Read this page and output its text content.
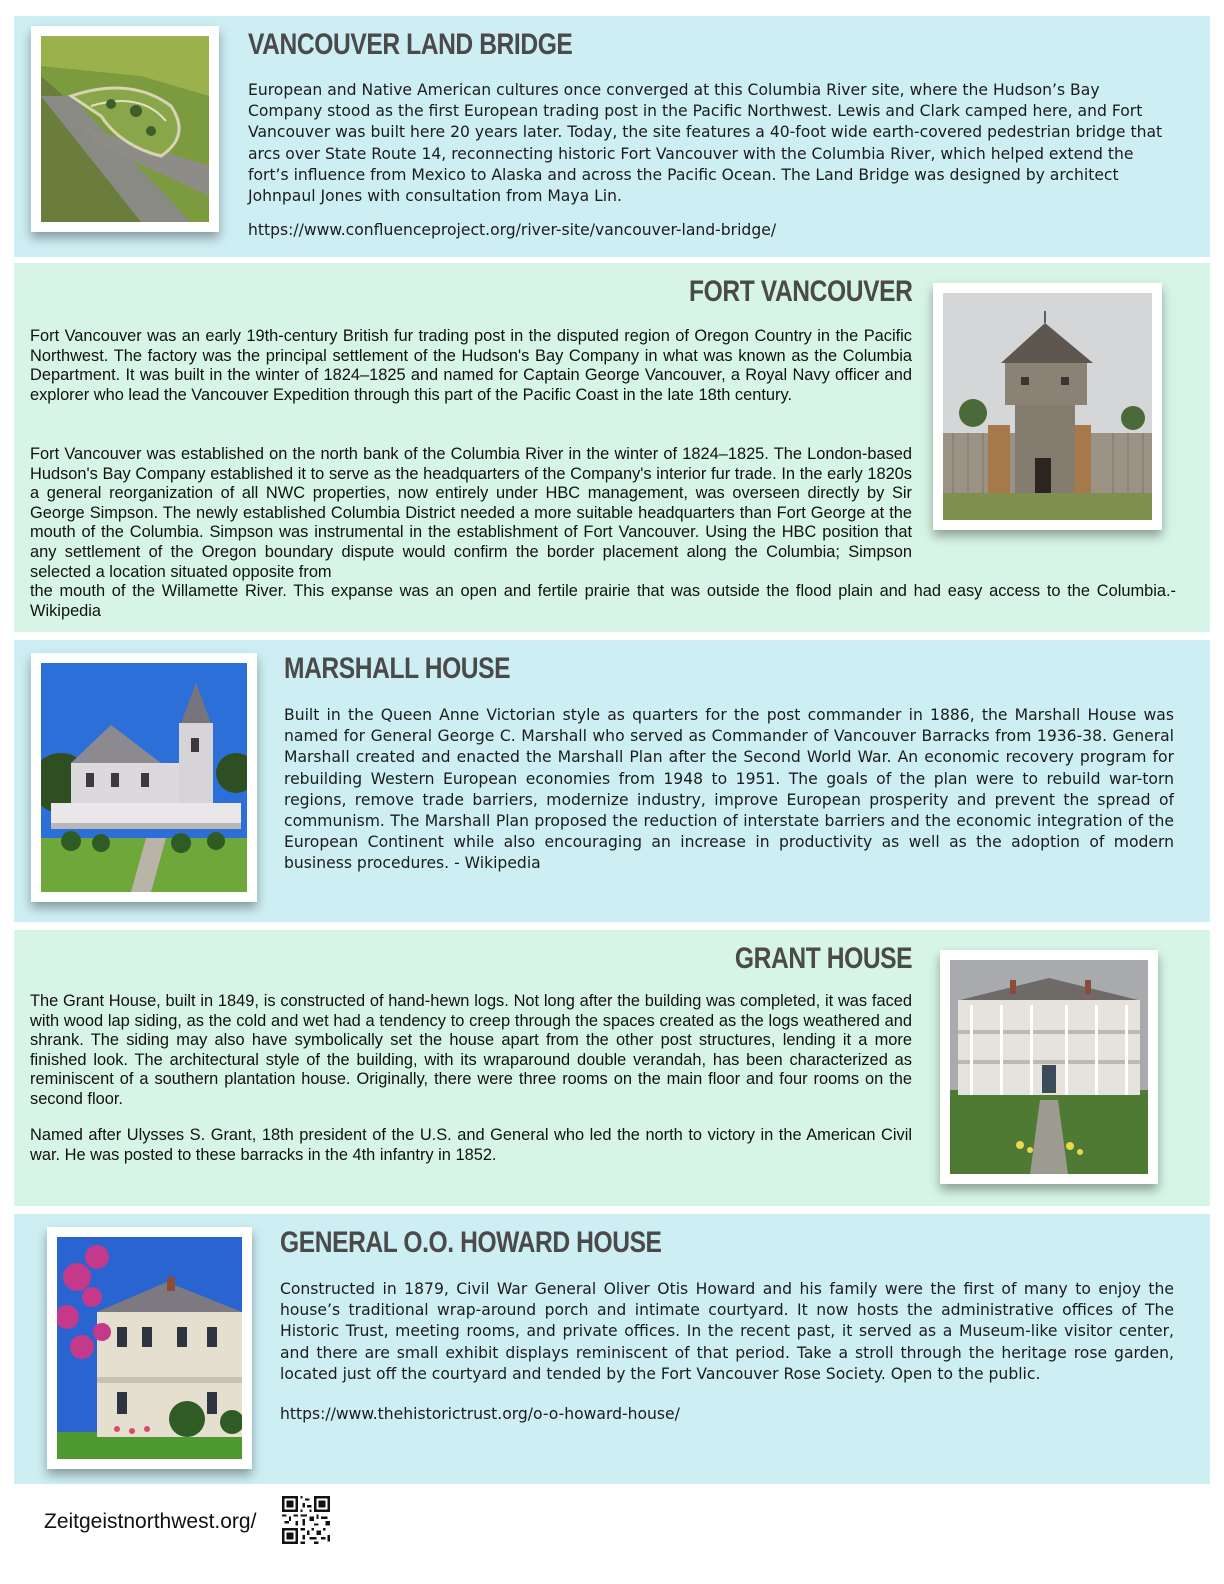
VANCOUVER LAND BRIDGE
European and Native American cultures once converged at this Columbia River site, where the Hudson’s Bay Company stood as the first European trading post in the Pacific Northwest. Lewis and Clark camped here, and Fort Vancouver was built here 20 years later. Today, the site features a 40-foot wide earth-covered pedestrian bridge that arcs over State Route 14, reconnecting historic Fort Vancouver with the Columbia River, which helped extend the fort’s influence from Mexico to Alaska and across the Pacific Ocean. The Land Bridge was designed by architect Johnpaul Jones with consultation from Maya Lin.
https://www.confluenceproject.org/river-site/vancouver-land-bridge/
FORT VANCOUVER
Fort Vancouver was an early 19th-century British fur trading post in the disputed region of Oregon Country in the Pacific Northwest. The factory was the principal settlement of the Hudson's Bay Company in what was known as the Columbia Department. It was built in the winter of 1824–1825 and named for Captain George Vancouver, a Royal Navy officer and explorer who lead the Vancouver Expedition through this part of the Pacific Coast in the late 18th century.
Fort Vancouver was established on the north bank of the Columbia River in the winter of 1824–1825. The London-based Hudson's Bay Company established it to serve as the headquarters of the Company's interior fur trade. In the early 1820s a general reorganization of all NWC properties, now entirely under HBC management, was overseen directly by Sir George Simpson. The newly established Columbia District needed a more suitable headquarters than Fort George at the mouth of the Columbia. Simpson was instrumental in the establishment of Fort Vancouver. Using the HBC position that any settlement of the Oregon boundary dispute would confirm the border placement along the Columbia; Simpson selected a location situated opposite from
the mouth of the Willamette River. This expanse was an open and fertile prairie that was outside the flood plain and had easy access to the Columbia.-Wikipedia
MARSHALL HOUSE
Built in the Queen Anne Victorian style as quarters for the post commander in 1886, the Marshall House was named for General George C. Marshall who served as Commander of Vancouver Barracks from 1936-38. General Marshall created and enacted the Marshall Plan after the Second World War. An economic recovery program for rebuilding Western European economies from 1948 to 1951. The goals of the plan were to rebuild war-torn regions, remove trade barriers, modernize industry, improve European prosperity and prevent the spread of communism. The Marshall Plan proposed the reduction of interstate barriers and the economic integration of the European Continent while also encouraging an increase in productivity as well as the adoption of modern business procedures. - Wikipedia
GRANT HOUSE
The Grant House, built in 1849, is constructed of hand-hewn logs. Not long after the building was completed, it was faced with wood lap siding, as the cold and wet had a tendency to creep through the spaces created as the logs weathered and shrank. The siding may also have symbolically set the house apart from the other post structures, lending it a more finished look. The architectural style of the building, with its wraparound double verandah, has been characterized as reminiscent of a southern plantation house. Originally, there were three rooms on the main floor and four rooms on the second floor.
Named after Ulysses S. Grant, 18th president of the U.S. and General who led the north to victory in the American Civil war. He was posted to these barracks in the 4th infantry in 1852.
GENERAL O.O. HOWARD HOUSE
Constructed in 1879, Civil War General Oliver Otis Howard and his family were the first of many to enjoy the house’s traditional wrap-around porch and intimate courtyard. It now hosts the administrative offices of The Historic Trust, meeting rooms, and private offices. In the recent past, it served as a Museum-like visitor center, and there are small exhibit displays reminiscent of that period. Take a stroll through the heritage rose garden, located just off the courtyard and tended by the Fort Vancouver Rose Society. Open to the public.
https://www.thehistorictrust.org/o-o-howard-house/
Zeitgeistnorthwest.org/
